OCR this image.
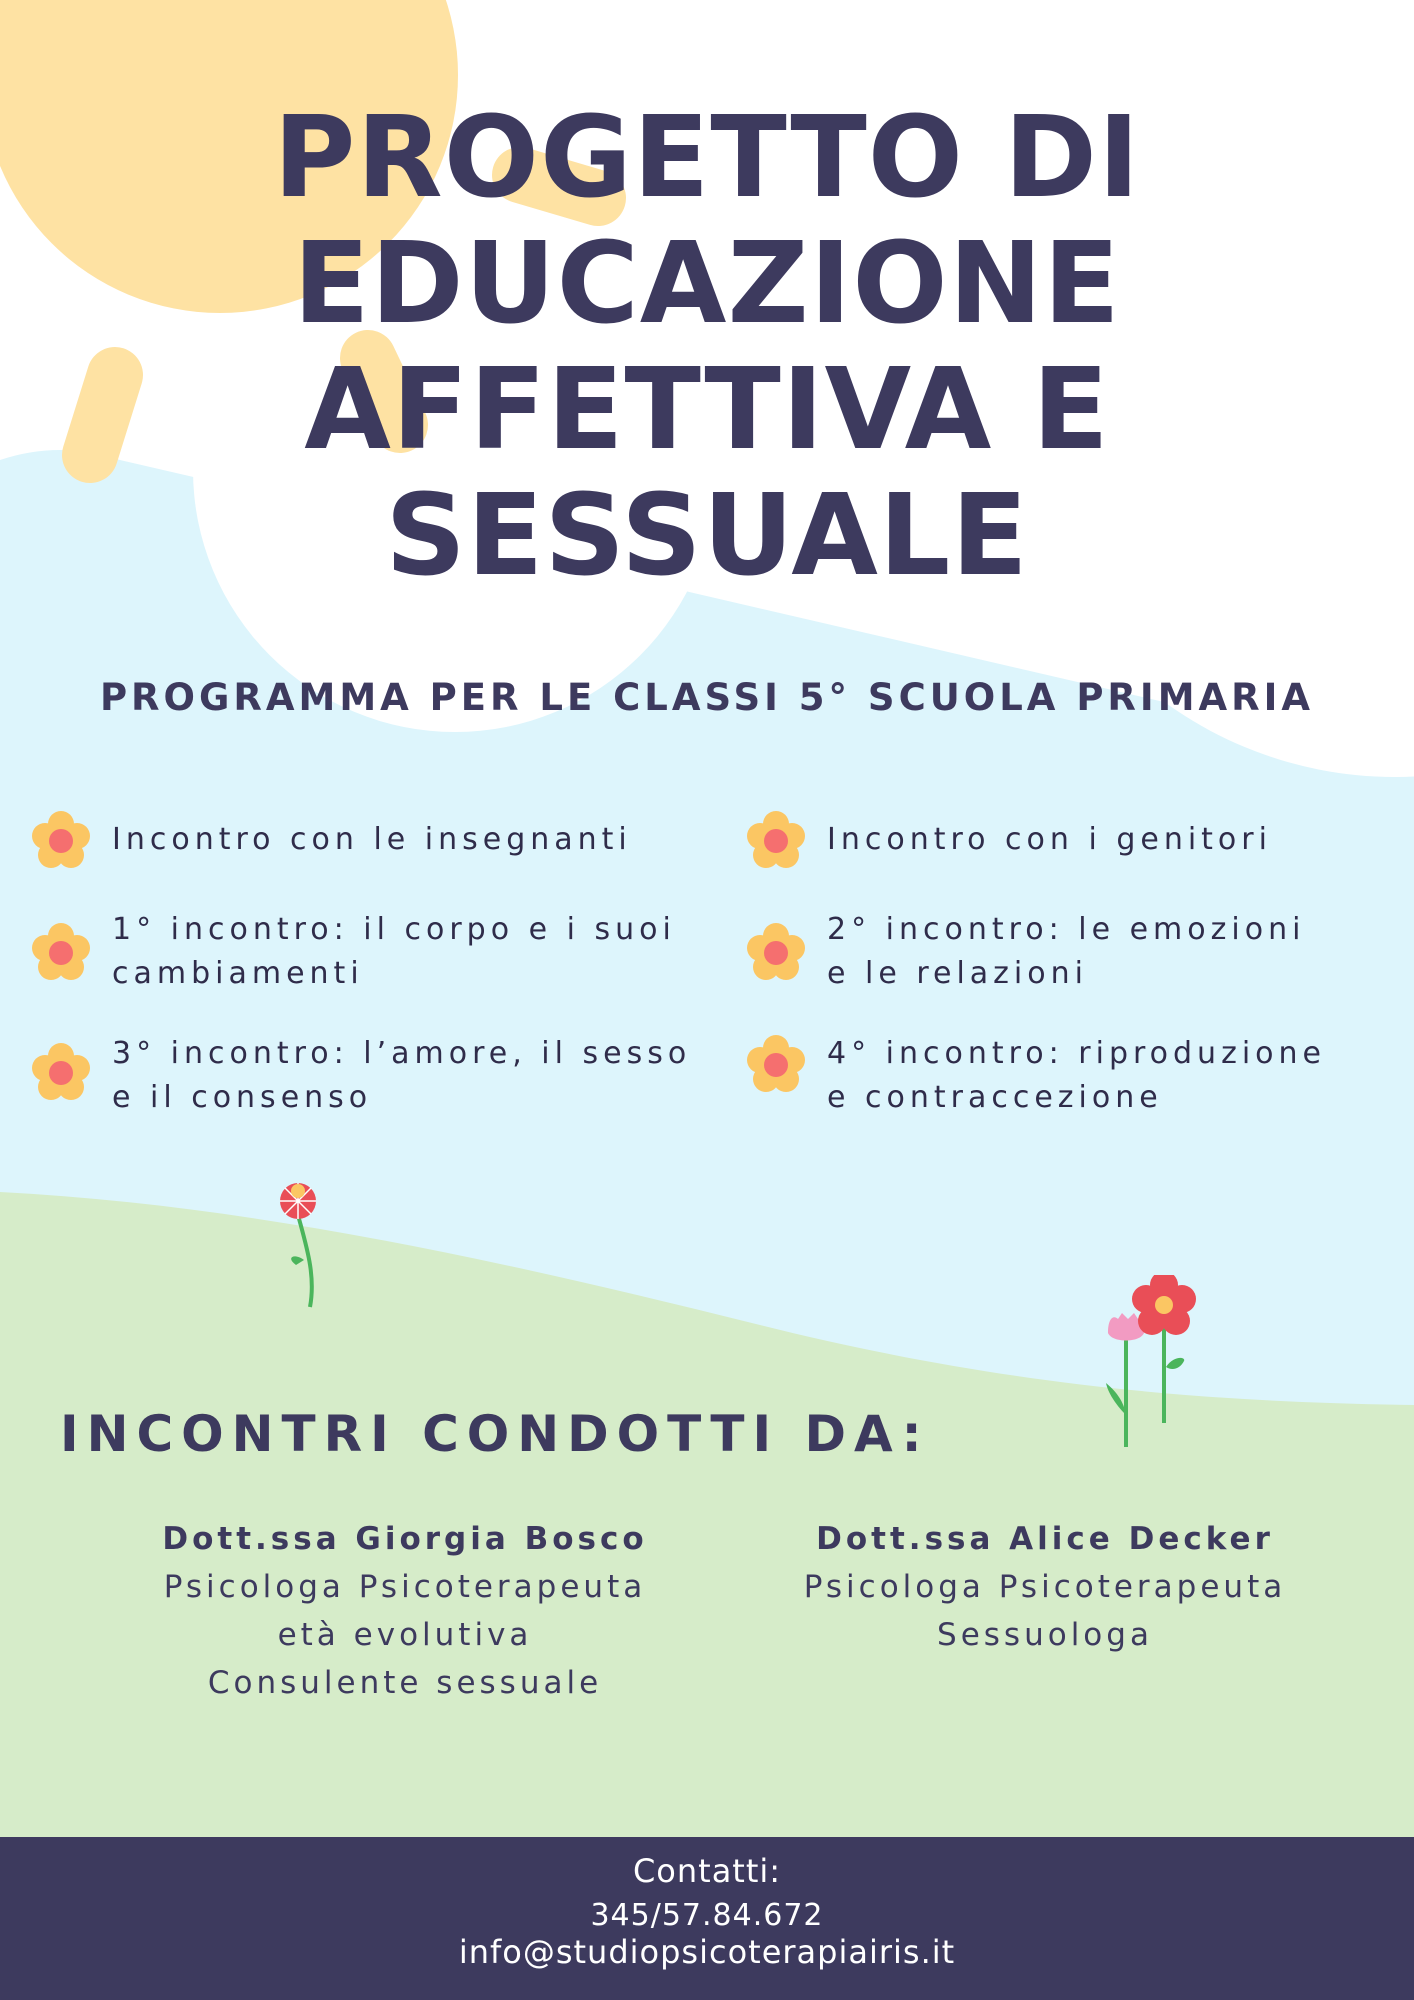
PROGETTO DI
EDUCAZIONE
AFFETTIVA E
SESSUALE
PROGRAMMA PER LE CLASSI 5° SCUOLA PRIMARIA
Incontro con le insegnanti	Incontro con i genitori
1° incontro: il corpo e i suoi cambiamenti
2° incontro: le emozioni e le relazioni
3° incontro: l’amore, il sesso e il consenso
4° incontro: riproduzione e contraccezione
INCONTRI CONDOTTI DA:
Dott.ssa Giorgia Bosco
Psicologa Psicoterapeuta
età evolutiva
Consulente sessuale
Dott.ssa Alice Decker
Psicologa Psicoterapeuta
Sessuologa
Contatti:
345/57.84.672
info@studiopsicoterapiairis.it
